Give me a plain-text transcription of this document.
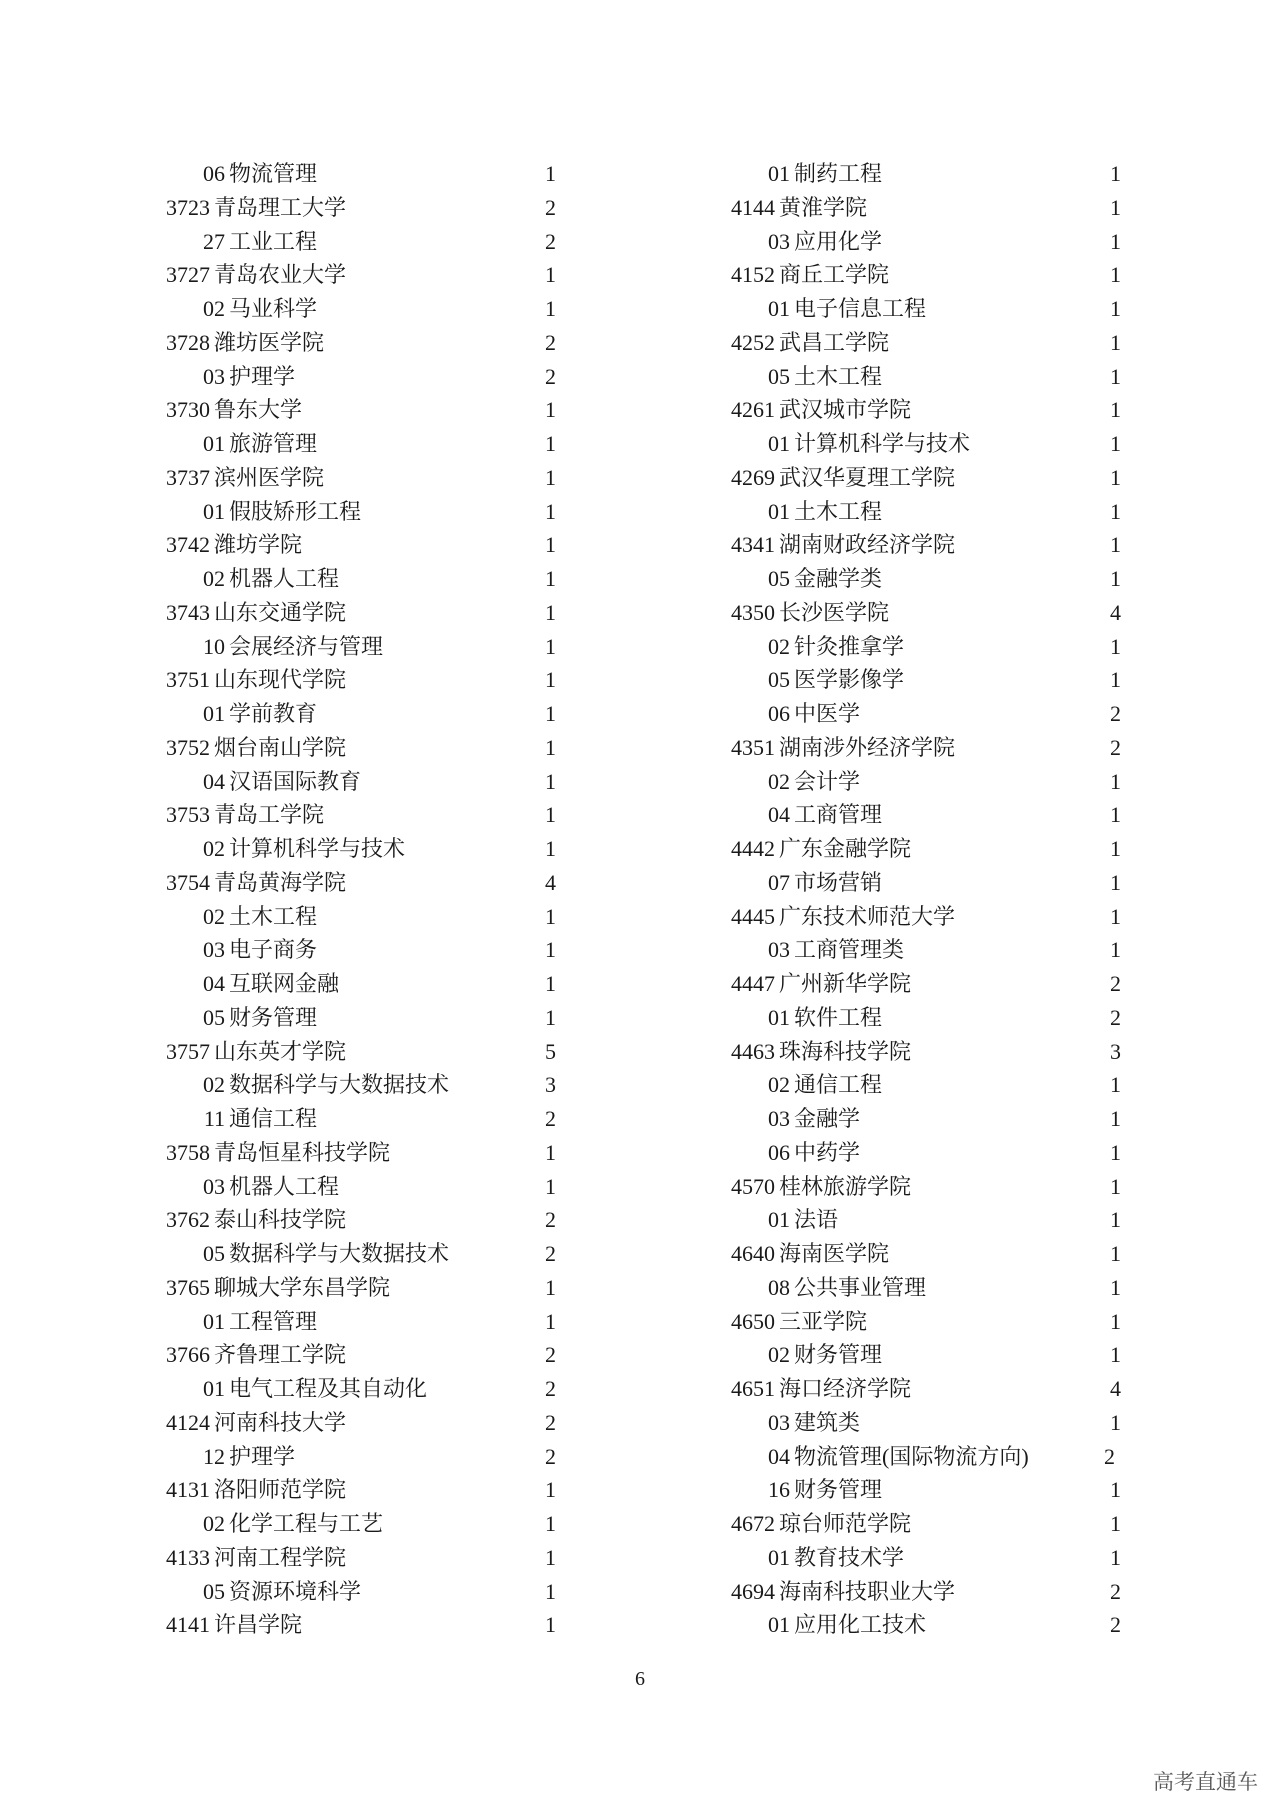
06 物流管理	1
3723 青岛理工大学	2
27 工业工程	2
3727 青岛农业大学	1
02 马业科学	1
3728 潍坊医学院	2
03 护理学	2
3730 鲁东大学	1
01 旅游管理	1
3737 滨州医学院	1
01 假肢矫形工程	1
3742 潍坊学院	1
02 机器人工程	1
3743 山东交通学院	1
10 会展经济与管理	1
3751 山东现代学院	1
01 学前教育	1
3752 烟台南山学院	1
04 汉语国际教育	1
3753 青岛工学院	1
02 计算机科学与技术	1
3754 青岛黄海学院	4
02 土木工程	1
03 电子商务	1
04 互联网金融	1
05 财务管理	1
3757 山东英才学院	5
02 数据科学与大数据技术	3
11 通信工程	2
3758 青岛恒星科技学院	1
03 机器人工程	1
3762 泰山科技学院	2
05 数据科学与大数据技术	2
3765 聊城大学东昌学院	1
01 工程管理	1
3766 齐鲁理工学院	2
01 电气工程及其自动化	2
4124 河南科技大学	2
12 护理学	2
4131 洛阳师范学院	1
02 化学工程与工艺	1
4133 河南工程学院	1
05 资源环境科学	1
4141 许昌学院	1
01 制药工程	1
4144 黄淮学院	1
03 应用化学	1
4152 商丘工学院	1
01 电子信息工程	1
4252 武昌工学院	1
05 土木工程	1
4261 武汉城市学院	1
01 计算机科学与技术	1
4269 武汉华夏理工学院	1
01 土木工程	1
4341 湖南财政经济学院	1
05 金融学类	1
4350 长沙医学院	4
02 针灸推拿学	1
05 医学影像学	1
06 中医学	2
4351 湖南涉外经济学院	2
02 会计学	1
04 工商管理	1
4442 广东金融学院	1
07 市场营销	1
4445 广东技术师范大学	1
03 工商管理类	1
4447 广州新华学院	2
01 软件工程	2
4463 珠海科技学院	3
02 通信工程	1
03 金融学	1
06 中药学	1
4570 桂林旅游学院	1
01 法语	1
4640 海南医学院	1
08 公共事业管理	1
4650 三亚学院	1
02 财务管理	1
4651 海口经济学院	4
03 建筑类	1
04 物流管理(国际物流方向)	2
16 财务管理	1
4672 琼台师范学院	1
01 教育技术学	1
4694 海南科技职业大学	2
01 应用化工技术	2
6
高考直通车
